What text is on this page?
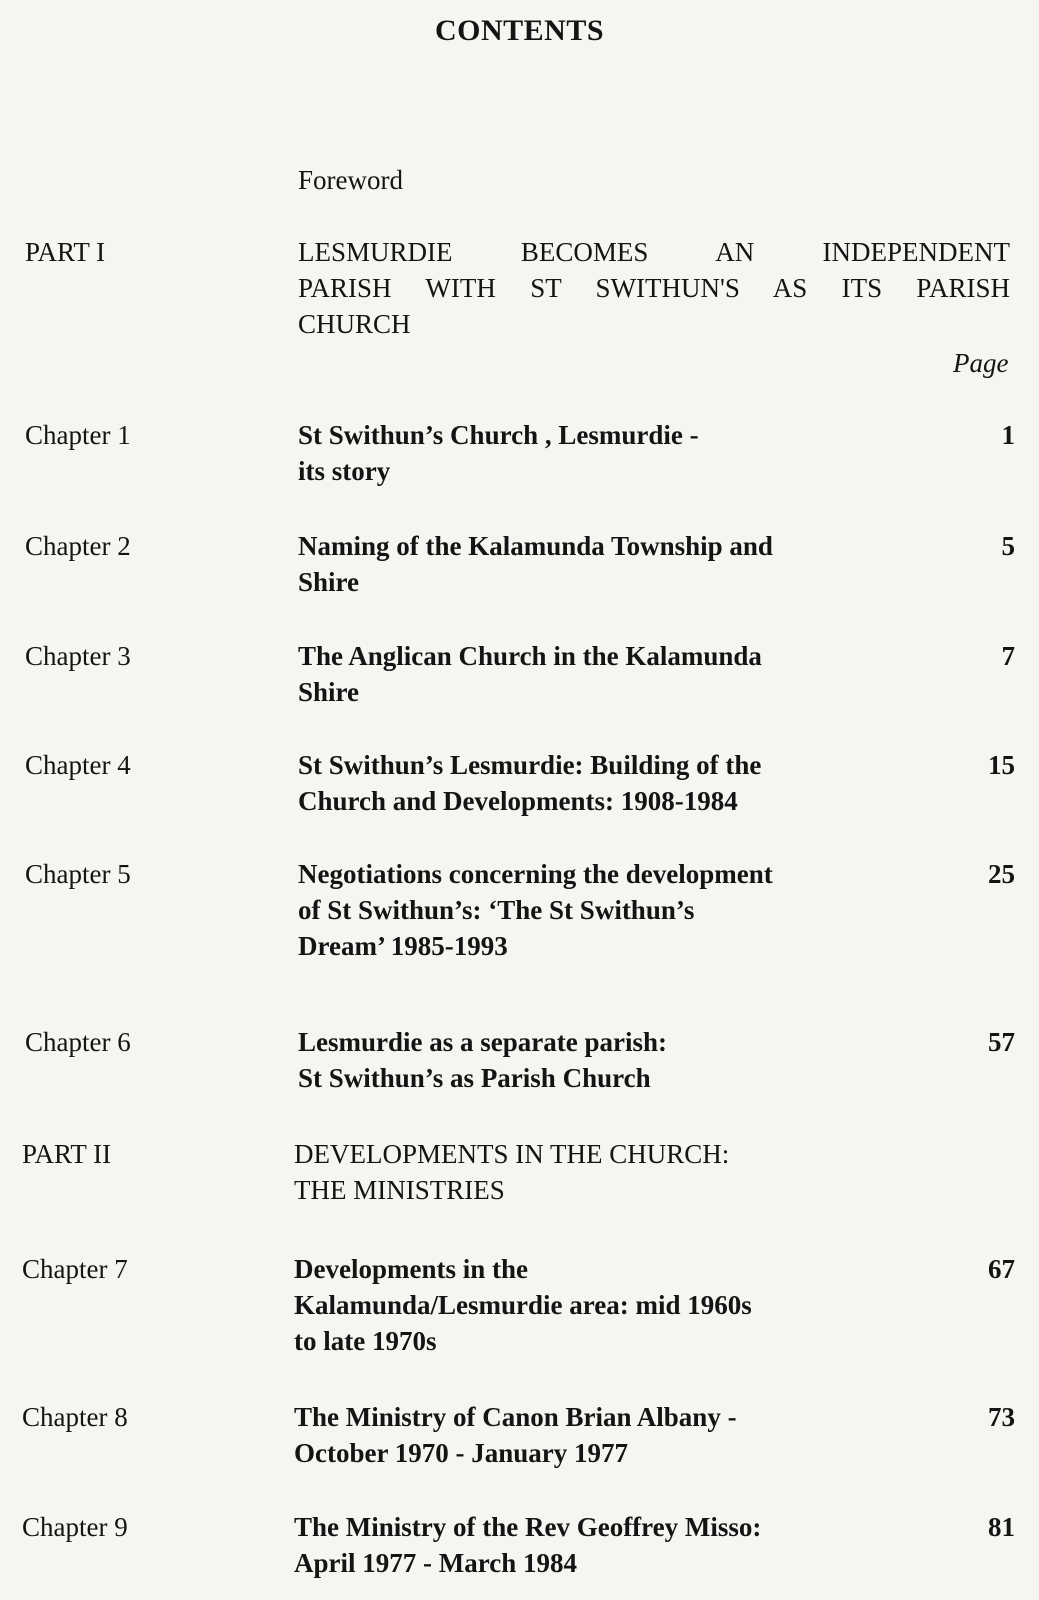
CONTENTS
Foreword
PART I	LESMURDIE BECOMES AN INDEPENDENT
PARISH WITH ST SWITHUN'S AS ITS PARISH
CHURCH
Page
Chapter 1	St Swithun’s Church , Lesmurdie -
its story
1
Chapter 2	Naming of the Kalamunda Township and
Shire
5
Chapter 3	The Anglican Church in the Kalamunda
Shire
7
Chapter 4	St Swithun’s Lesmurdie: Building of the
Church and Developments: 1908-1984
15
Chapter 5	Negotiations concerning the development
of St Swithun’s: ‘The St Swithun’s
Dream’ 1985-1993
25
Chapter 6	Lesmurdie as a separate parish:
St Swithun’s as Parish Church
57
PART II	DEVELOPMENTS IN THE CHURCH:
THE MINISTRIES
Chapter 7	Developments in the
Kalamunda/Lesmurdie area: mid 1960s
to late 1970s
67
Chapter 8	The Ministry of Canon Brian Albany -
October 1970 - January 1977
73
Chapter 9	The Ministry of the Rev Geoffrey Misso:
April 1977 - March 1984
81
